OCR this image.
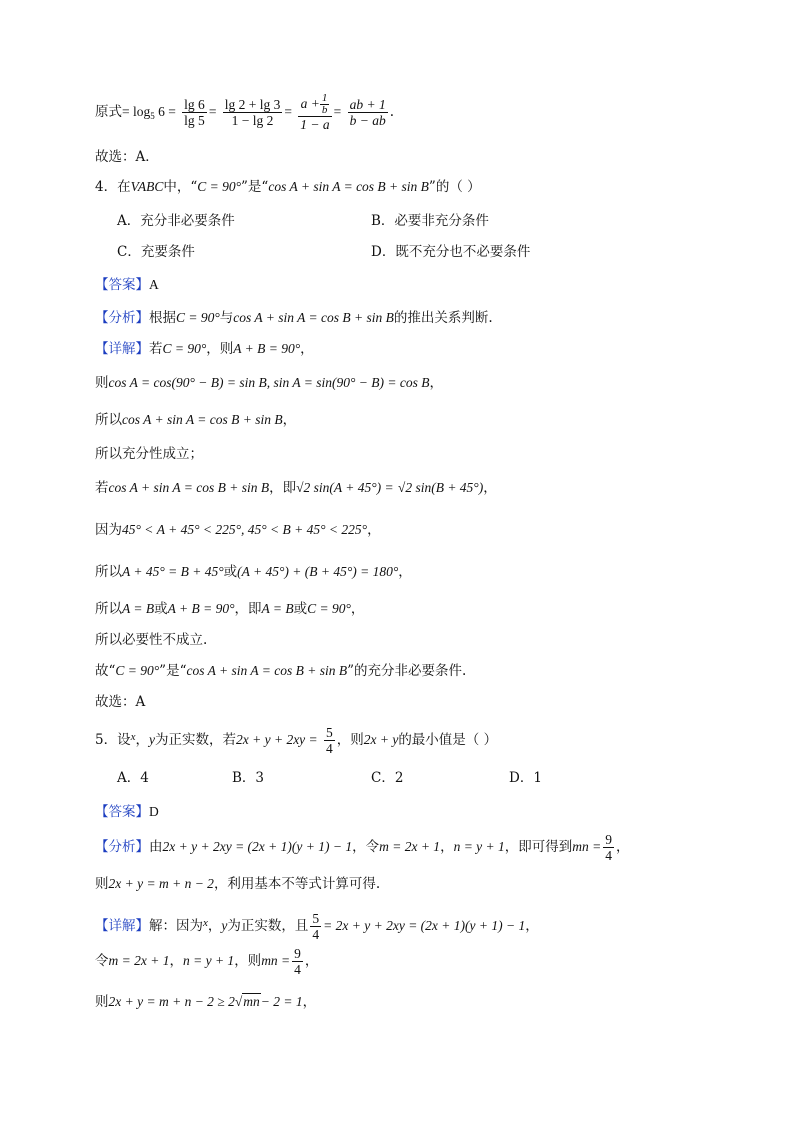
原式= $\log_5 6 = \frac{\lg 6}{\lg 5} = \frac{\lg 2 + \lg 3}{1 - \lg 2} = \frac{a + \frac{1}{b}}{1 - a} = \frac{ab + 1}{b - ab}$ .
故选：A．
4．在VABC中，“C = 90°”是“cos A + sin A = cos B + sin B”的（ ）
A．充分非必要条件	B．必要非充分条件
C．充要条件	D．既不充分也不必要条件
【答案】A
【分析】根据C = 90°与cos A + sin A = cos B + sin B的推出关系判断.
【详解】若C = 90°，则A + B = 90°，
则cos A = cos(90° − B) = sin B, sin A = sin(90° − B) = cos B，
所以cos A + sin A = cos B + sin B，
所以充分性成立；
若cos A + sin A = cos B + sin B，即√2 sin(A + 45°) = √2 sin(B + 45°)，
因为45° < A + 45° < 225°, 45° < B + 45° < 225°，
所以A + 45° = B + 45°或(A + 45°) + (B + 45°) = 180°，
所以A = B或A + B = 90°，即A = B或C = 90°，
所以必要性不成立.
故“C = 90°”是“cos A + sin A = cos B + sin B”的充分非必要条件.
故选：A
5．设$^x$，y为正实数，若$2x + y + 2xy = \frac{5}{4}$ ，则2x + y的最小值是（ ）
A．4	B．3	C．2	D．1
【答案】D
【分析】由2x + y + 2xy = (2x + 1)(y + 1) − 1，令m = 2x + 1，n = y + 1，即可得到mn = $\frac{9}{4}$ ，
则2x + y = m + n − 2，利用基本不等式计算可得.
【详解】解：因为$^x$，y为正实数，且 $\frac{5}{4} = 2x + y + 2xy = (2x + 1)(y + 1) - 1$，
令m = 2x + 1，n = y + 1，则mn = $\frac{9}{4}$ ，
则2x + y = m + n − 2 ≥ 2√mn− 2 = 1，
